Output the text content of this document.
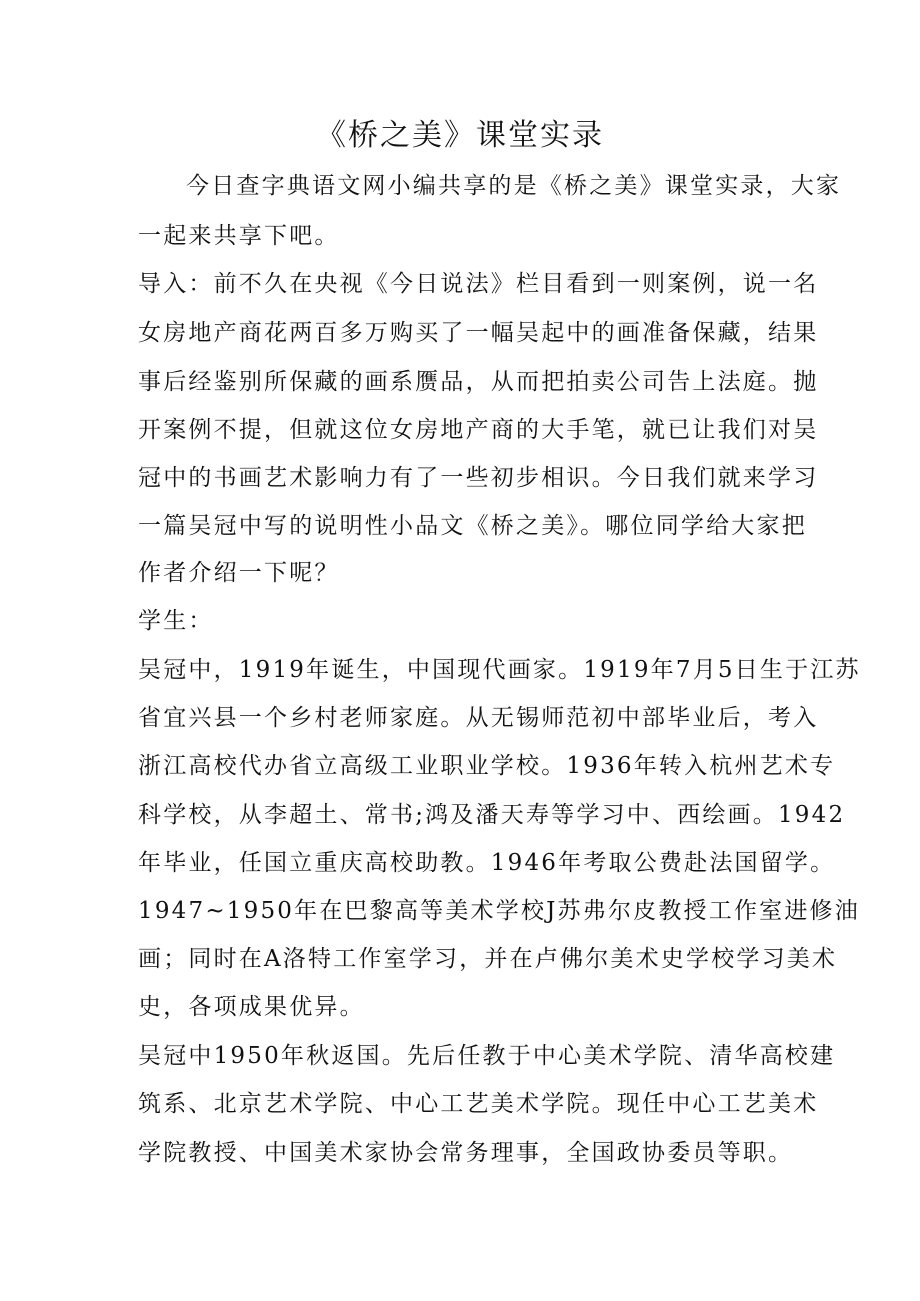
《桥之美》课堂实录
今日查字典语文网小编共享的是《桥之美》课堂实录，大家
一起来共享下吧。
导入：前不久在央视《今日说法》栏目看到一则案例，说一名
女房地产商花两百多万购买了一幅吴起中的画准备保藏，结果
事后经鉴别所保藏的画系赝品，从而把拍卖公司告上法庭。抛
开案例不提，但就这位女房地产商的大手笔，就已让我们对吴
冠中的书画艺术影响力有了一些初步相识。今日我们就来学习
一篇吴冠中写的说明性小品文《桥之美》。哪位同学给大家把
作者介绍一下呢？
学生：
吴冠中，1919年诞生，中国现代画家。1919年7月5日生于江苏
省宜兴县一个乡村老师家庭。从无锡师范初中部毕业后，考入
浙江高校代办省立高级工业职业学校。1936年转入杭州艺术专
科学校，从李超土、常书;鸿及潘天寿等学习中、西绘画。1942
年毕业，任国立重庆高校助教。1946年考取公费赴法国留学。
1947~1950年在巴黎高等美术学校J苏弗尔皮教授工作室进修油
画；同时在A洛特工作室学习，并在卢佛尔美术史学校学习美术
史，各项成果优异。
吴冠中1950年秋返国。先后任教于中心美术学院、清华高校建
筑系、北京艺术学院、中心工艺美术学院。现任中心工艺美术
学院教授、中国美术家协会常务理事，全国政协委员等职。
